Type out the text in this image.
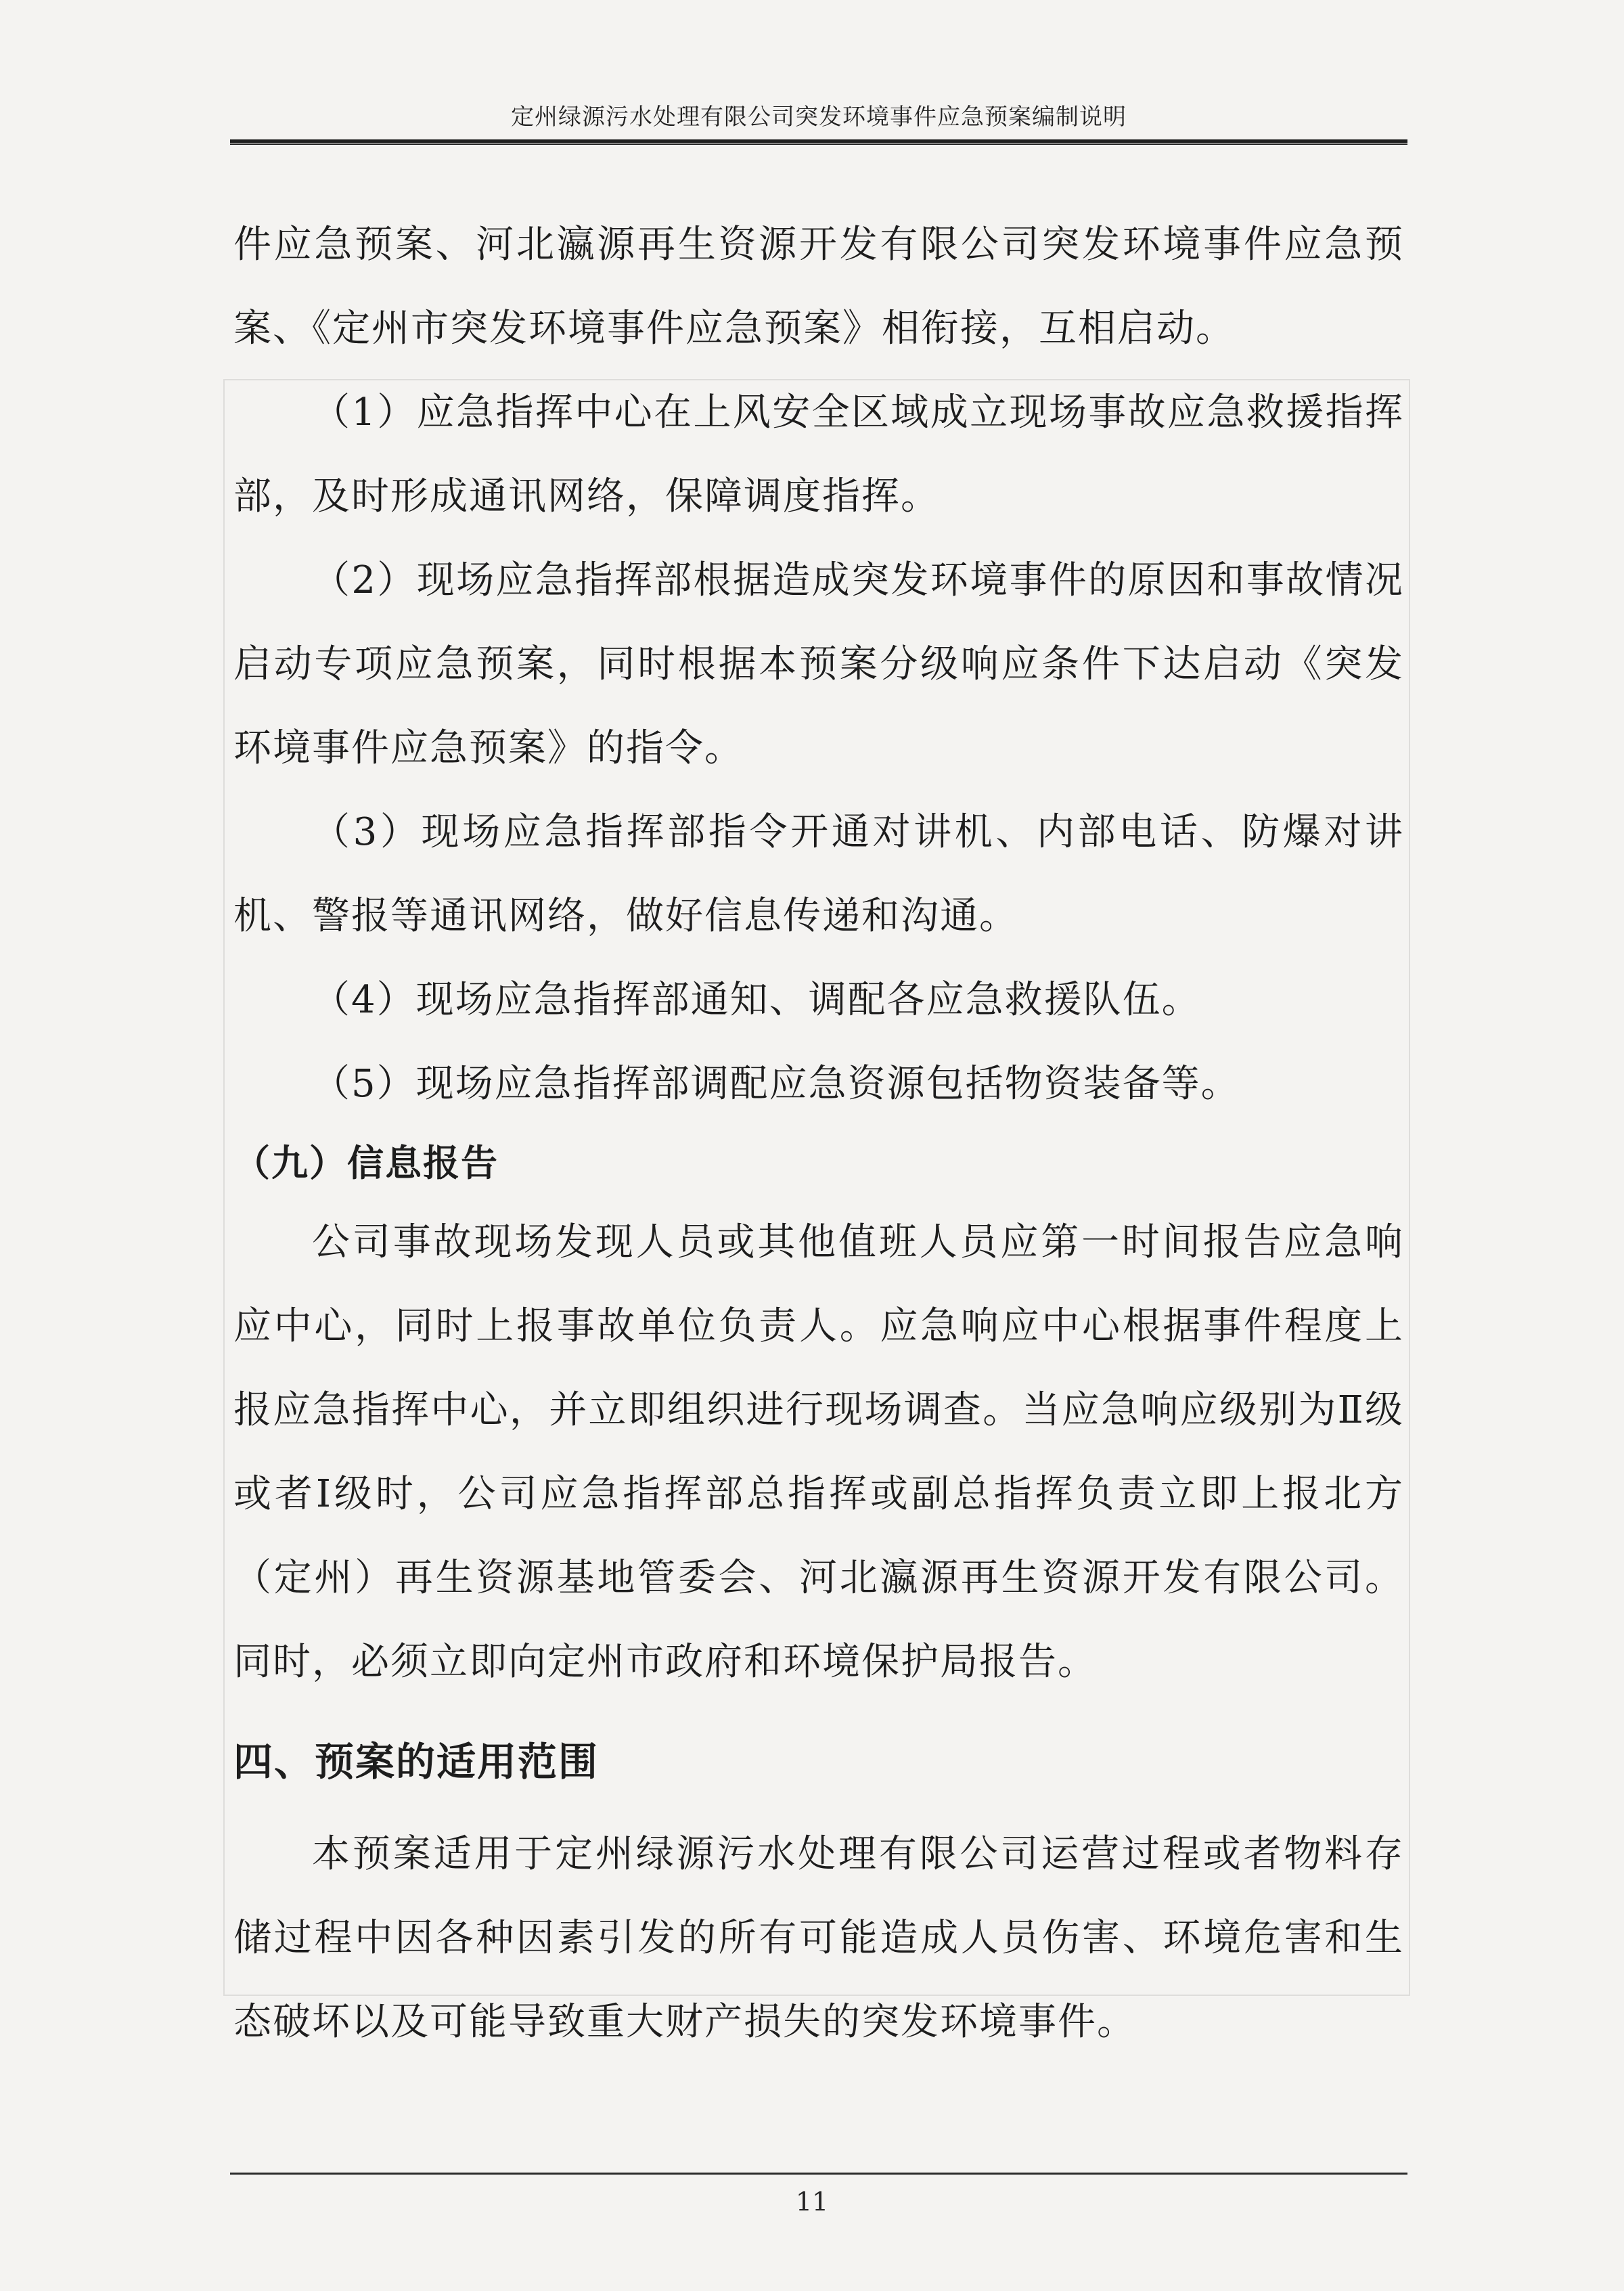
定州绿源污水处理有限公司突发环境事件应急预案编制说明

件应急预案、河北瀛源再生资源开发有限公司突发环境事件应急预案、《定州市突发环境事件应急预案》相衔接，互相启动。

（1）应急指挥中心在上风安全区域成立现场事故应急救援指挥部，及时形成通讯网络，保障调度指挥。

（2）现场应急指挥部根据造成突发环境事件的原因和事故情况启动专项应急预案，同时根据本预案分级响应条件下达启动《突发环境事件应急预案》的指令。

（3）现场应急指挥部指令开通对讲机、内部电话、防爆对讲机、警报等通讯网络，做好信息传递和沟通。

（4）现场应急指挥部通知、调配各应急救援队伍。

（5）现场应急指挥部调配应急资源包括物资装备等。

（九）信息报告

公司事故现场发现人员或其他值班人员应第一时间报告应急响应中心，同时上报事故单位负责人。应急响应中心根据事件程度上报应急指挥中心，并立即组织进行现场调查。当应急响应级别为Ⅱ级或者Ⅰ级时，公司应急指挥部总指挥或副总指挥负责立即上报北方（定州）再生资源基地管委会、河北瀛源再生资源开发有限公司。同时，必须立即向定州市政府和环境保护局报告。

四、预案的适用范围

本预案适用于定州绿源污水处理有限公司运营过程或者物料存储过程中因各种因素引发的所有可能造成人员伤害、环境危害和生态破坏以及可能导致重大财产损失的突发环境事件。

11
